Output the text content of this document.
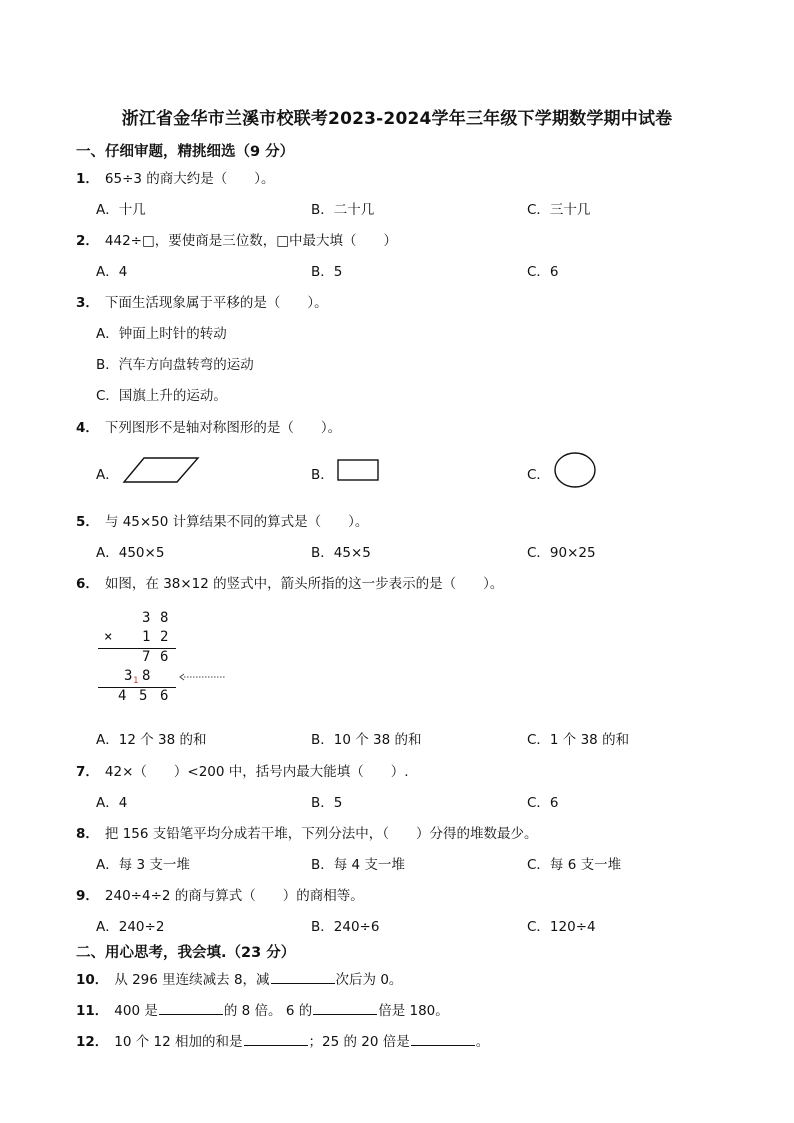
浙江省金华市兰溪市校联考2023-2024学年三年级下学期数学期中试卷
一、仔细审题，精挑细选（9 分）
1． 65÷3 的商大约是（　　）。
A．十几	B．二十几	C．三十几
2． 442÷□，要使商是三位数，□中最大填（　　）
A．4	B．5	C．6
3． 下面生活现象属于平移的是（　　）。
A．钟面上时针的转动
B．汽车方向盘转弯的运动
C．国旗上升的运动。
4． 下列图形不是轴对称图形的是（　　）。
A．	B．	C．
5． 与 45×50 计算结果不同的算式是（　　）。
A．450×5	B．45×5	C．90×25
6． 如图，在 38×12 的竖式中，箭头所指的这一步表示的是（　　）。
3 8
× 1 2
7 6
3 1 8
4 5 6
A．12 个 38 的和	B．10 个 38 的和	C．1 个 38 的和
7． 42×（　　）<200 中，括号内最大能填（　　）.
A．4	B．5	C．6
8． 把 156 支铅笔平均分成若干堆，下列分法中，（　　）分得的堆数最少。
A．每 3 支一堆	B．每 4 支一堆	C．每 6 支一堆
9． 240÷4÷2 的商与算式（　　）的商相等。
A．240÷2	B．240÷6	C．120÷4
二、用心思考，我会填.（23 分）
10． 从 296 里连续减去 8，减	次后为 0。
11． 400 是	的 8 倍。 6 的	倍是 180。
12． 10 个 12 相加的和是	；25 的 20 倍是	。
